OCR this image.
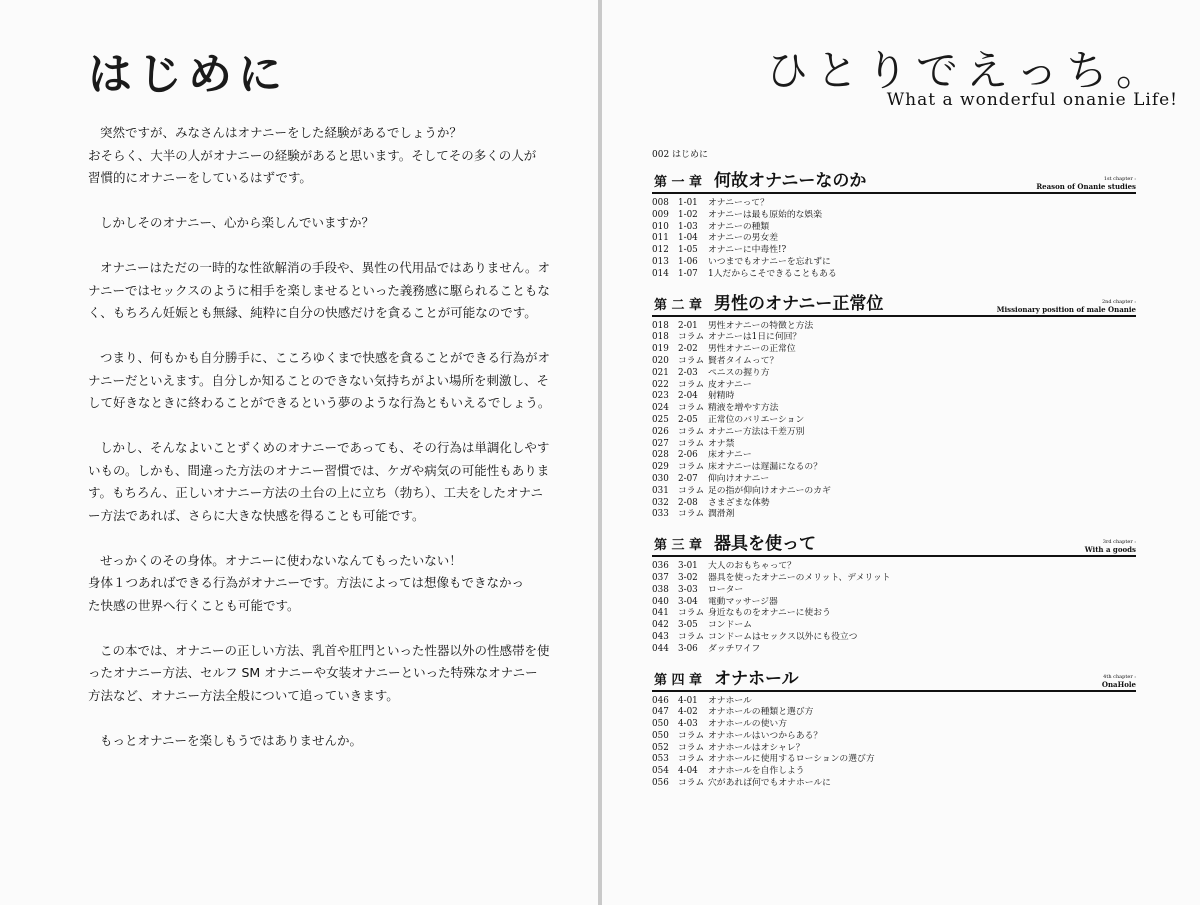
はじめに

突然ですが、みなさんはオナニーをした経験があるでしょうか？
おそらく、大半の人がオナニーの経験があると思います。そしてその多くの人が
習慣的にオナニーをしているはずです。

しかしそのオナニー、心から楽しんでいますか？

オナニーはただの一時的な性欲解消の手段や、異性の代用品ではありません。オ
ナニーではセックスのように相手を楽しませるといった義務感に駆られることもな
く、もちろん妊娠とも無縁、純粋に自分の快感だけを貪ることが可能なのです。

つまり、何もかも自分勝手に、こころゆくまで快感を貪ることができる行為がオ
ナニーだといえます。自分しか知ることのできない気持ちがよい場所を刺激し、そ
して好きなときに終わることができるという夢のような行為ともいえるでしょう。

しかし、そんなよいことずくめのオナニーであっても、その行為は単調化しやす
いもの。しかも、間違った方法のオナニー習慣では、ケガや病気の可能性もありま
す。もちろん、正しいオナニー方法の土台の上に立ち（勃ち）、工夫をしたオナニ
ー方法であれば、さらに大きな快感を得ることも可能です。

せっかくのその身体。オナニーに使わないなんてもったいない！
身体１つあればできる行為がオナニーです。方法によっては想像もできなかっ
た快感の世界へ行くことも可能です。

この本では、オナニーの正しい方法、乳首や肛門といった性器以外の性感帯を使
ったオナニー方法、セルフ SM オナニーや女装オナニーといった特殊なオナニー
方法など、オナニー方法全般について追っていきます。

もっとオナニーを楽しもうではありませんか。

ひとりでえっち。
What a wonderful onanie Life!
002 はじめに
第 一 章 何故オナニーなのか	1st chapter :
Reason of Onanie studies
008 1-01 オナニーって？
009 1-02 オナニーは最も原始的な娯楽
010 1-03 オナニーの種類
011 1-04 オナニーの男女差
012 1-05 オナニーに中毒性!?
013 1-06 いつまでもオナニーを忘れずに
014 1-07 1人だからこそできることもある
第 二 章 男性のオナニー正常位	2nd chapter :
Missionary position of male Onanie
018 2-01 男性オナニーの特徴と方法
018 コラム オナニーは1日に何回？
019 2-02 男性オナニーの正常位
020 コラム 賢者タイムって？
021 2-03 ペニスの握り方
022 コラム 皮オナニー
023 2-04 射精時
024 コラム 精液を増やす方法
025 2-05 正常位のバリエーション
026 コラム オナニー方法は千差万別
027 コラム オナ禁
028 2-06 床オナニー
029 コラム 床オナニーは遅漏になるの？
030 2-07 仰向けオナニー
031 コラム 足の指が仰向けオナニーのカギ
032 2-08 さまざまな体勢
033 コラム 潤滑剤
第 三 章 器具を使って	3rd chapter :
With a goods
036 3-01 大人のおもちゃって？
037 3-02 器具を使ったオナニーのメリット、デメリット
038 3-03 ローター
040 3-04 電動マッサージ器
041 コラム 身近なものをオナニーに使おう
042 3-05 コンドーム
043 コラム コンドームはセックス以外にも役立つ
044 3-06 ダッチワイフ
第 四 章 オナホール	4th chapter :
OnaHole
046 4-01 オナホール
047 4-02 オナホールの種類と選び方
050 4-03 オナホールの使い方
050 コラム オナホールはいつからある？
052 コラム オナホールはオシャレ？
053 コラム オナホールに使用するローションの選び方
054 4-04 オナホールを自作しよう
056 コラム 穴があれば何でもオナホールに
